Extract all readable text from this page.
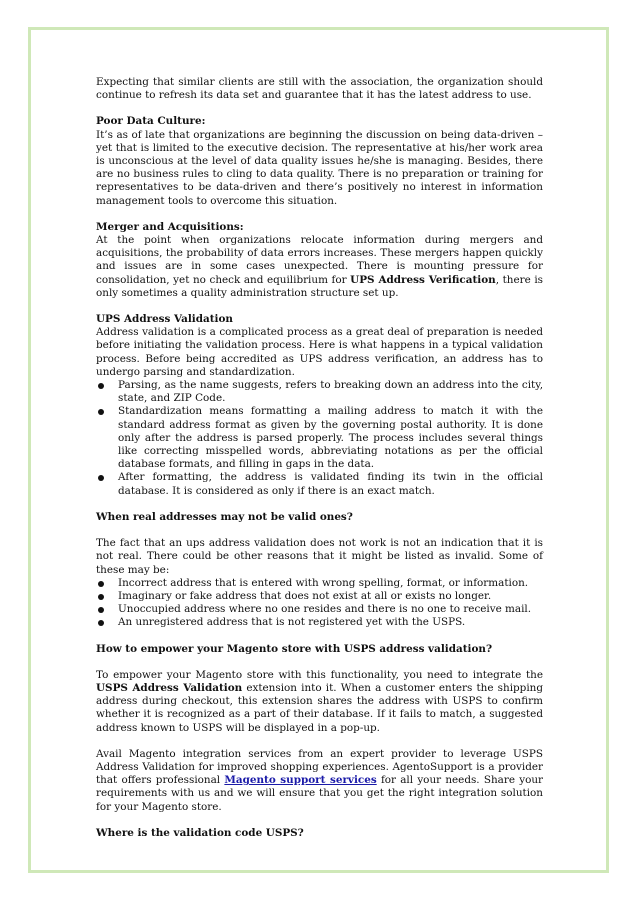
Expecting that similar clients are still with the association, the organization should continue to refresh its data set and guarantee that it has the latest address to use.

Poor Data Culture:

It’s as of late that organizations are beginning the discussion on being data-driven – yet that is limited to the executive decision. The representative at his/her work area is unconscious at the level of data quality issues he/she is managing. Besides, there are no business rules to cling to data quality. There is no preparation or training for representatives to be data-driven and there’s positively no interest in information management tools to overcome this situation.

Merger and Acquisitions:

At the point when organizations relocate information during mergers and acquisitions, the probability of data errors increases. These mergers happen quickly and issues are in some cases unexpected. There is mounting pressure for consolidation, yet no check and equilibrium for UPS Address Verification, there is only sometimes a quality administration structure set up.

UPS Address Validation

Address validation is a complicated process as a great deal of preparation is needed before initiating the validation process. Here is what happens in a typical validation process. Before being accredited as UPS address verification, an address has to undergo parsing and standardization.

Parsing, as the name suggests, refers to breaking down an address into the city, state, and ZIP Code.
Standardization means formatting a mailing address to match it with the standard address format as given by the governing postal authority. It is done only after the address is parsed properly. The process includes several things like correcting misspelled words, abbreviating notations as per the official database formats, and filling in gaps in the data.
After formatting, the address is validated finding its twin in the official database. It is considered as only if there is an exact match.
When real addresses may not be valid ones?

The fact that an ups address validation does not work is not an indication that it is not real. There could be other reasons that it might be listed as invalid. Some of these may be:

Incorrect address that is entered with wrong spelling, format, or information.
Imaginary or fake address that does not exist at all or exists no longer.
Unoccupied address where no one resides and there is no one to receive mail.
An unregistered address that is not registered yet with the USPS.
How to empower your Magento store with USPS address validation?

To empower your Magento store with this functionality, you need to integrate the USPS Address Validation extension into it. When a customer enters the shipping address during checkout, this extension shares the address with USPS to confirm whether it is recognized as a part of their database. If it fails to match, a suggested address known to USPS will be displayed in a pop-up.

Avail Magento integration services from an expert provider to leverage USPS Address Validation for improved shopping experiences. AgentoSupport is a provider that offers professional Magento support services for all your needs. Share your requirements with us and we will ensure that you get the right integration solution for your Magento store.

Where is the validation code USPS?
